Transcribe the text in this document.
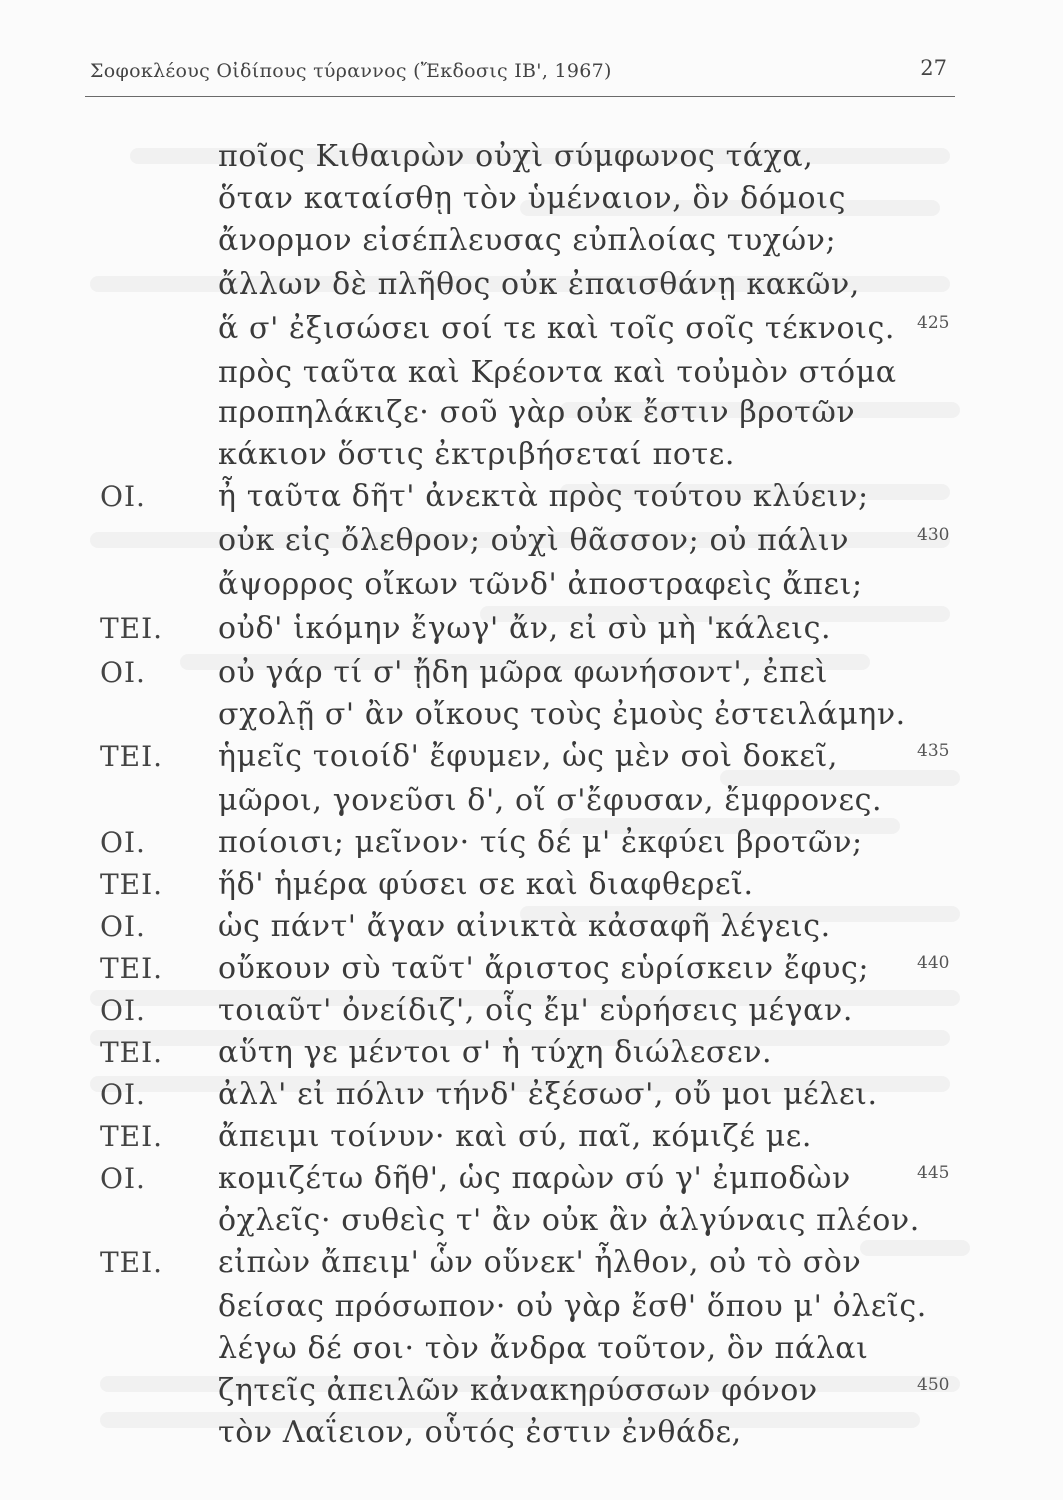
Σοφοκλέους Οἰδίπους τύραννος (Ἔκδοσις ΙΒ', 1967)	27
ποῖος Κιθαιρὼν οὐχὶ σύμφωνος τάχα,
ὅταν καταίσθῃ τὸν ὑμέναιον, ὃν δόμοις
ἄνορμον εἰσέπλευσας εὐπλοίας τυχών;
ἄλλων δὲ πλῆθος οὐκ ἐπαισθάνῃ κακῶν,
ἅ σ' ἐξισώσει σοί τε καὶ τοῖς σοῖς τέκνοις. 425
πρὸς ταῦτα καὶ Κρέοντα καὶ τοὐμὸν στόμα
προπηλάκιζε· σοῦ γὰρ οὐκ ἔστιν βροτῶν
κάκιον ὅστις ἐκτριβήσεταί ποτε.
ΟΙ. ἦ ταῦτα δῆτ' ἀνεκτὰ πρὸς τούτου κλύειν;
οὐκ εἰς ὄλεθρον; οὐχὶ θᾶσσον; οὐ πάλιν	430
ἄψορρος οἴκων τῶνδ' ἀποστραφεὶς ἄπει;
ΤΕΙ. οὐδ' ἱκόμην ἔγωγ' ἄν, εἰ σὺ μὴ 'κάλεις.
ΟΙ. οὐ γάρ τί σ' ᾔδη μῶρα φωνήσοντ', ἐπεὶ
σχολῇ σ' ἂν οἴκους τοὺς ἐμοὺς ἐστειλάμην.
ΤΕΙ. ἡμεῖς τοιοίδ' ἔφυμεν, ὡς μὲν σοὶ δοκεῖ,	435
μῶροι, γονεῦσι δ', οἵ σ'ἔφυσαν, ἔμφρονες.
ΟΙ. ποίοισι; μεῖνον· τίς δέ μ' ἐκφύει βροτῶν;
ΤΕΙ. ἥδ' ἡμέρα φύσει σε καὶ διαφθερεῖ.
ΟΙ. ὡς πάντ' ἄγαν αἰνικτὰ κἀσαφῆ λέγεις.
ΤΕΙ. οὔκουν σὺ ταῦτ' ἄριστος εὑρίσκειν ἔφυς;	440
ΟΙ. τοιαῦτ' ὀνείδιζ', οἷς ἔμ' εὑρήσεις μέγαν.
ΤΕΙ. αὕτη γε μέντοι σ' ἡ τύχη διώλεσεν.
ΟΙ. ἀλλ' εἰ πόλιν τήνδ' ἐξέσωσ', οὔ μοι μέλει.
ΤΕΙ. ἄπειμι τοίνυν· καὶ σύ, παῖ, κόμιζέ με.
ΟΙ. κομιζέτω δῆθ', ὡς παρὼν σύ γ' ἐμποδὼν	445
ὀχλεῖς· συθεὶς τ' ἂν οὐκ ἂν ἀλγύναις πλέον.
ΤΕΙ. εἰπὼν ἄπειμ' ὧν οὕνεκ' ἦλθον, οὐ τὸ σὸν
δείσας πρόσωπον· οὐ γὰρ ἔσθ' ὅπου μ' ὀλεῖς.
λέγω δέ σοι· τὸν ἄνδρα τοῦτον, ὃν πάλαι
ζητεῖς ἀπειλῶν κἀνακηρύσσων φόνον	450
τὸν Λαΐειον, οὗτός ἐστιν ἐνθάδε,
